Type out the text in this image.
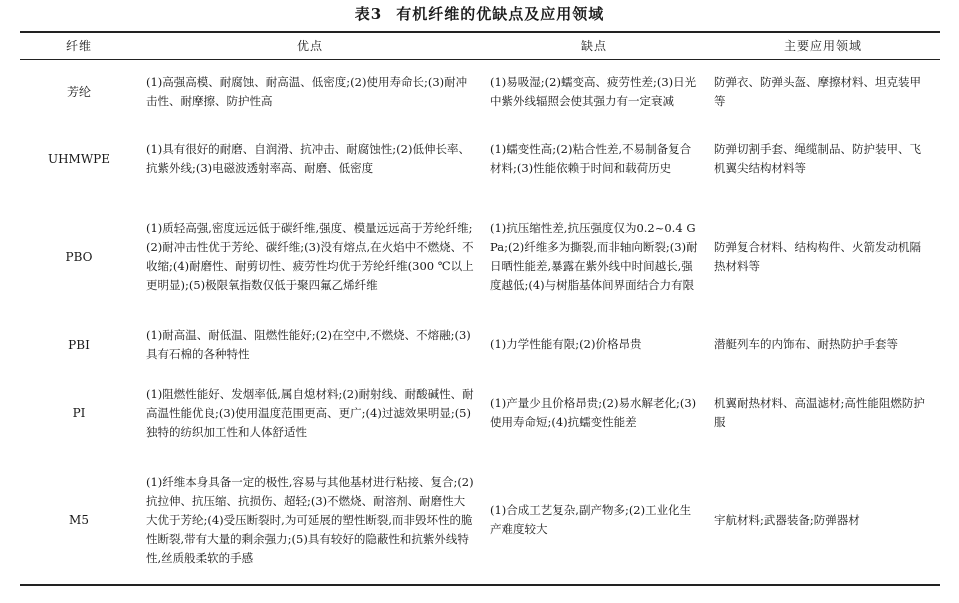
表3 有机纤维的优缺点及应用领域
纤维	优点	缺点	主要应用领域
芳纶	(1)高强高模、耐腐蚀、耐高温、低密度;(2)使用寿命长;(3)耐冲击性、耐摩擦、防护性高	(1)易吸湿;(2)蠕变高、疲劳性差;(3)日光中紫外线辐照会使其强力有一定衰减	防弹衣、防弹头盔、摩擦材料、坦克装甲等
UHMWPE	(1)具有很好的耐磨、自润滑、抗冲击、耐腐蚀性;(2)低伸长率、抗紫外线;(3)电磁波透射率高、耐磨、低密度	(1)蠕变性高;(2)粘合性差,不易制备复合材料;(3)性能依赖于时间和载荷历史	防弹切割手套、绳缆制品、防护装甲、飞机翼尖结构材料等
PBO	(1)质轻高强,密度远远低于碳纤维,强度、模量远远高于芳纶纤维;(2)耐冲击性优于芳纶、碳纤维;(3)没有熔点,在火焰中不燃烧、不收缩;(4)耐磨性、耐剪切性、疲劳性均优于芳纶纤维(300 ℃以上更明显);(5)极限氧指数仅低于聚四氟乙烯纤维	(1)抗压缩性差,抗压强度仅为0.2~0.4 GPa;(2)纤维多为撕裂,而非轴向断裂;(3)耐日晒性能差,暴露在紫外线中时间越长,强度越低;(4)与树脂基体间界面结合力有限	防弹复合材料、结构构件、火箭发动机隔热材料等
PBI	(1)耐高温、耐低温、阻燃性能好;(2)在空中,不燃烧、不熔融;(3)具有石棉的各种特性	(1)力学性能有限;(2)价格昂贵	潜艇列车的内饰布、耐热防护手套等
PI	(1)阻燃性能好、发烟率低,属自熄材料;(2)耐射线、耐酸碱性、耐高温性能优良;(3)使用温度范围更高、更广;(4)过滤效果明显;(5)独特的纺织加工性和人体舒适性	(1)产量少且价格昂贵;(2)易水解老化;(3)使用寿命短;(4)抗蠕变性能差	机翼耐热材料、高温滤材;高性能阻燃防护服
M5	(1)纤维本身具备一定的极性,容易与其他基材进行粘接、复合;(2)抗拉伸、抗压缩、抗损伤、超轻;(3)不燃烧、耐溶剂、耐磨性大大优于芳纶;(4)受压断裂时,为可延展的塑性断裂,而非毁坏性的脆性断裂,带有大量的剩余强力;(5)具有较好的隐蔽性和抗紫外线特性,丝质般柔软的手感	(1)合成工艺复杂,副产物多;(2)工业化生产难度较大	宇航材料;武器装备;防弹器材
